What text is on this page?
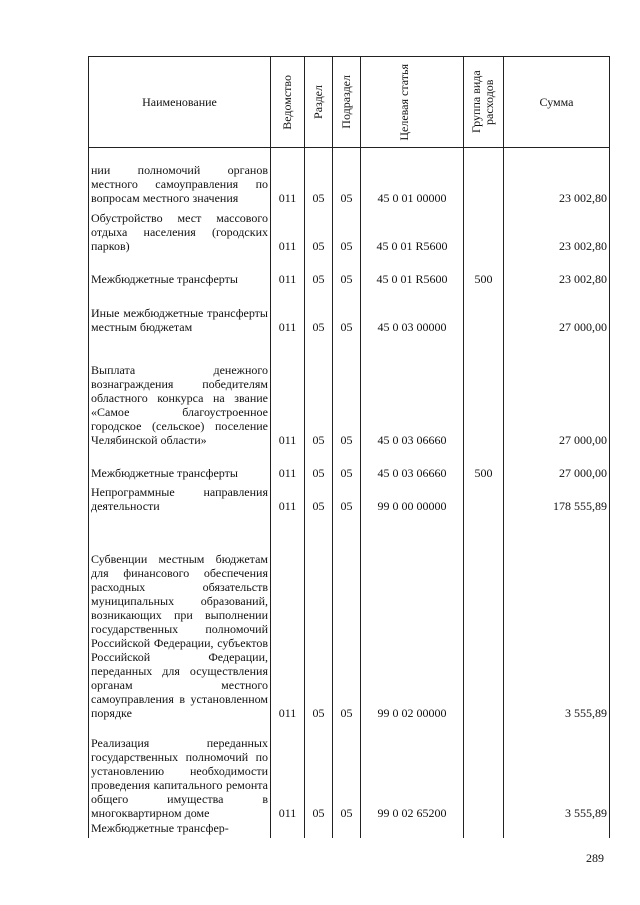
Наименование	Ведомство	Раздел	Подраздел	Целевая статья	Группа вида расходов	Сумма
нии полномочий органов местного самоуправления по вопросам местного значения	011	05	05	45 0 01 00000		23 002,80
Обустройство мест массового отдыха населения (городских парков)	011	05	05	45 0 01 R5600		23 002,80
Межбюджетные трансферты	011	05	05	45 0 01 R5600	500	23 002,80
Иные межбюджетные трансферты местным бюджетам	011	05	05	45 0 03 00000		27 000,00
Выплата денежного вознаграждения победителям областного конкурса на звание «Самое благоустроенное городское (сельское) поселение Челябинской области»	011	05	05	45 0 03 06660		27 000,00
Межбюджетные трансферты	011	05	05	45 0 03 06660	500	27 000,00
Непрограммные направления деятельности	011	05	05	99 0 00 00000		178 555,89
Субвенции местным бюджетам для финансового обеспечения расходных обязательств муниципальных образований, возникающих при выполнении государственных полномочий Российской Федерации, субъектов Российской Федерации, переданных для осуществления органам местного самоуправления в установленном порядке	011	05	05	99 0 02 00000		3 555,89
Реализация переданных государственных полномочий по установлению необходимости проведения капитального ремонта общего имущества в многоквартирном доме	011	05	05	99 0 02 65200		3 555,89
Межбюджетные трансфер-						
289
